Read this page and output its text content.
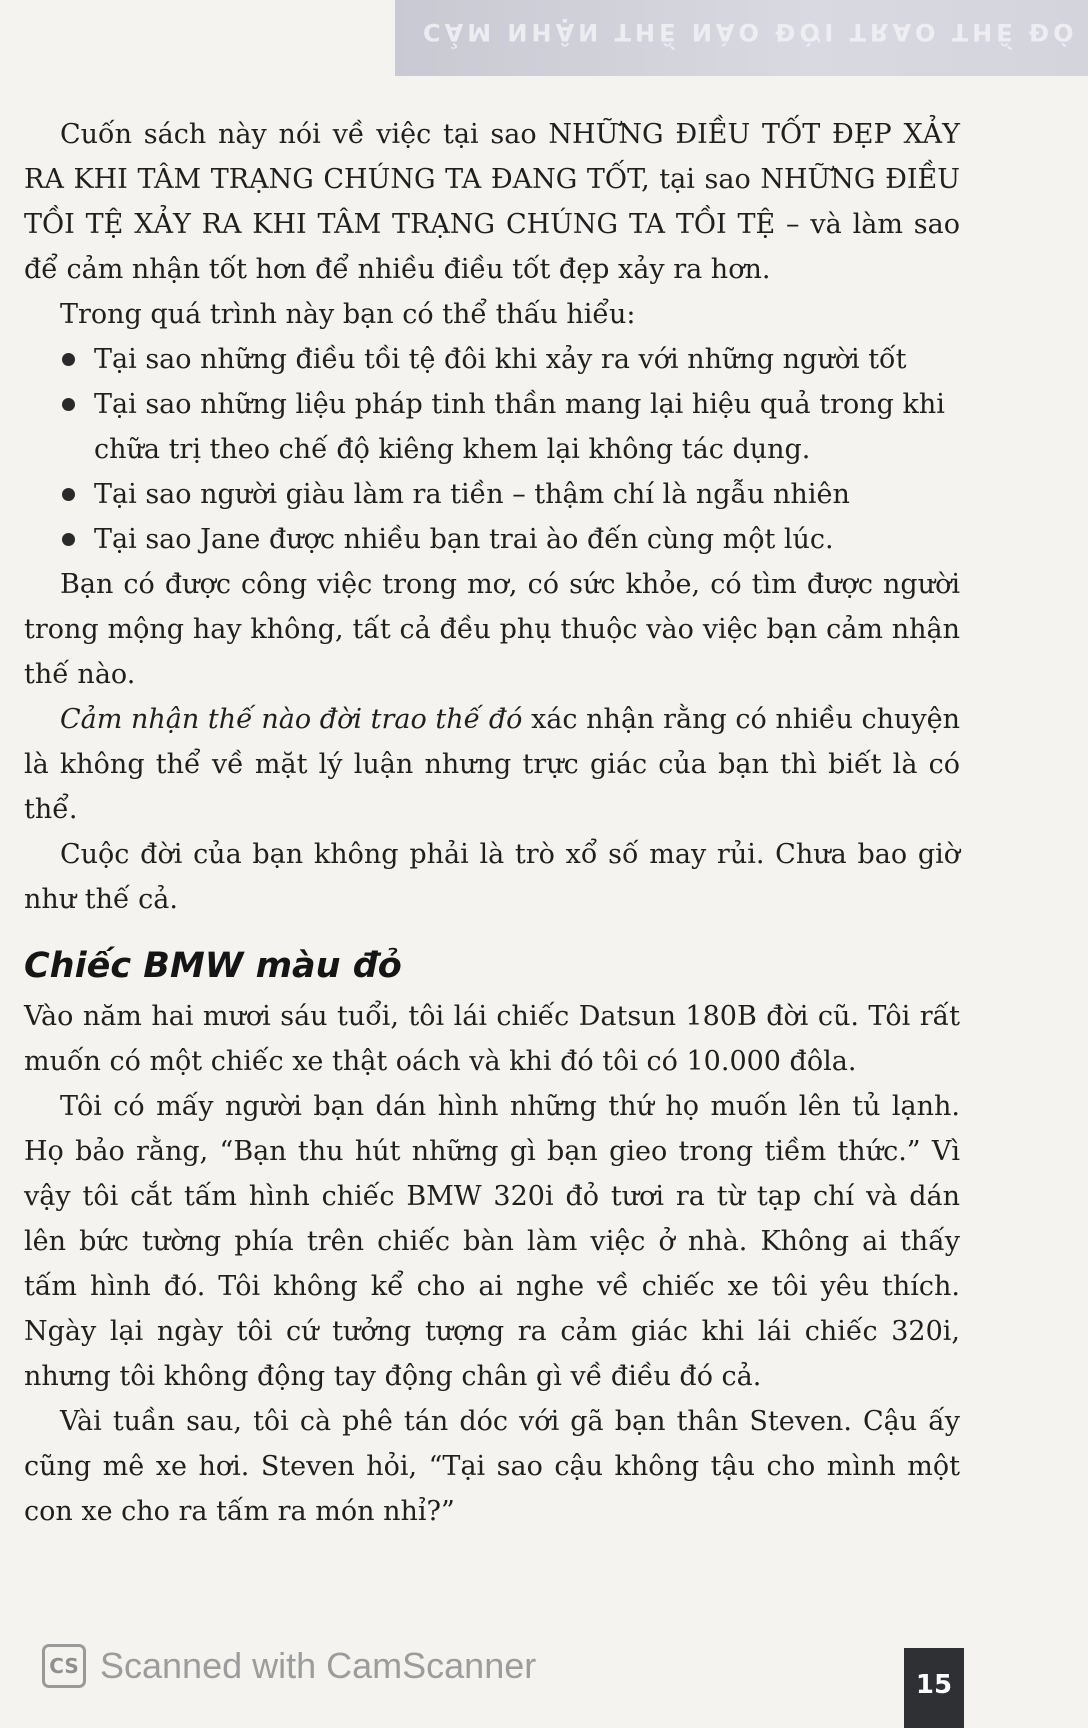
CẢM NHẬN THẾ NÀO ĐỜI TRAO THẾ ĐÓ

Cuốn sách này nói về việc tại sao NHỮNG ĐIỀU TỐT ĐẸP XẢY RA KHI TÂM TRẠNG CHÚNG TA ĐANG TỐT, tại sao NHỮNG ĐIỀU TỒI TỆ XẢY RA KHI TÂM TRẠNG CHÚNG TA TỒI TỆ – và làm sao để cảm nhận tốt hơn để nhiều điều tốt đẹp xảy ra hơn.

Trong quá trình này bạn có thể thấu hiểu:

Tại sao những điều tồi tệ đôi khi xảy ra với những người tốt
Tại sao những liệu pháp tinh thần mang lại hiệu quả trong khi chữa trị theo chế độ kiêng khem lại không tác dụng.
Tại sao người giàu làm ra tiền – thậm chí là ngẫu nhiên
Tại sao Jane được nhiều bạn trai ào đến cùng một lúc.

Bạn có được công việc trong mơ, có sức khỏe, có tìm được người trong mộng hay không, tất cả đều phụ thuộc vào việc bạn cảm nhận thế nào.

Cảm nhận thế nào đời trao thế đó xác nhận rằng có nhiều chuyện là không thể về mặt lý luận nhưng trực giác của bạn thì biết là có thể.

Cuộc đời của bạn không phải là trò xổ số may rủi. Chưa bao giờ như thế cả.

Chiếc BMW màu đỏ

Vào năm hai mươi sáu tuổi, tôi lái chiếc Datsun 180B đời cũ. Tôi rất muốn có một chiếc xe thật oách và khi đó tôi có 10.000 đôla.

Tôi có mấy người bạn dán hình những thứ họ muốn lên tủ lạnh. Họ bảo rằng, “Bạn thu hút những gì bạn gieo trong tiềm thức.” Vì vậy tôi cắt tấm hình chiếc BMW 320i đỏ tươi ra từ tạp chí và dán lên bức tường phía trên chiếc bàn làm việc ở nhà. Không ai thấy tấm hình đó. Tôi không kể cho ai nghe về chiếc xe tôi yêu thích. Ngày lại ngày tôi cứ tưởng tượng ra cảm giác khi lái chiếc 320i, nhưng tôi không động tay động chân gì về điều đó cả.

Vài tuần sau, tôi cà phê tán dóc với gã bạn thân Steven. Cậu ấy cũng mê xe hơi. Steven hỏi, “Tại sao cậu không tậu cho mình một con xe cho ra tấm ra món nhỉ?”

CS Scanned with CamScanner	15
